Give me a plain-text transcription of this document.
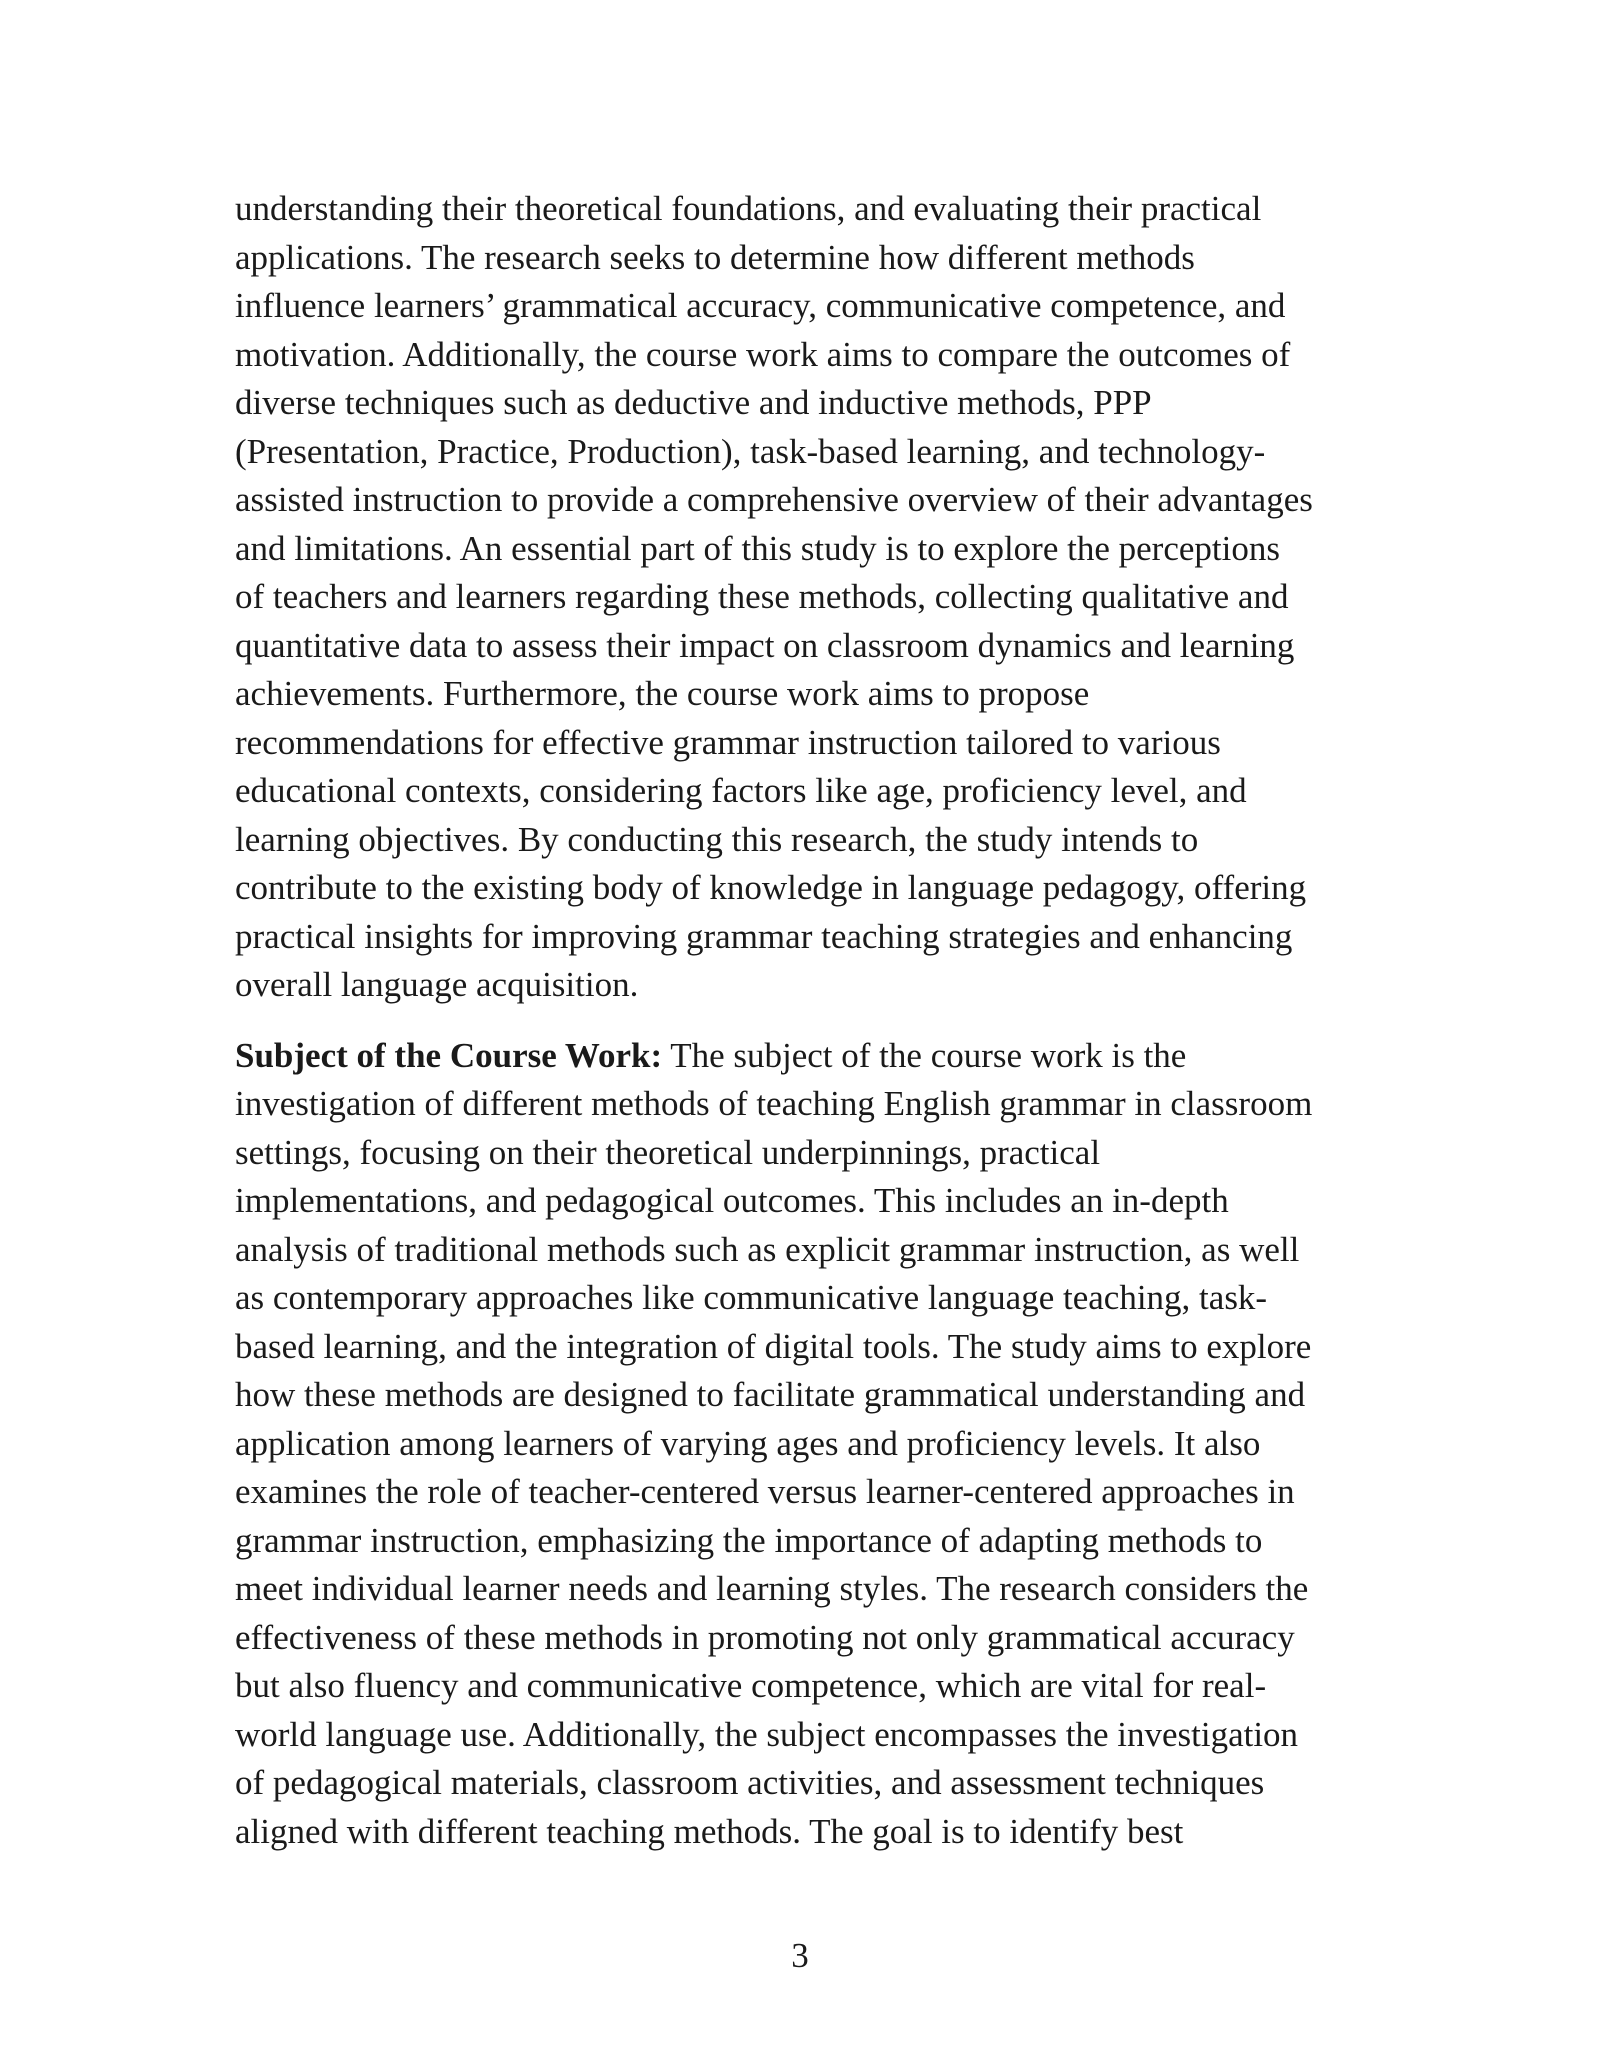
understanding their theoretical foundations, and evaluating their practical
applications. The research seeks to determine how different methods
influence learners’ grammatical accuracy, communicative competence, and
motivation. Additionally, the course work aims to compare the outcomes of
diverse techniques such as deductive and inductive methods, PPP
(Presentation, Practice, Production), task-based learning, and technology-
assisted instruction to provide a comprehensive overview of their advantages
and limitations. An essential part of this study is to explore the perceptions
of teachers and learners regarding these methods, collecting qualitative and
quantitative data to assess their impact on classroom dynamics and learning
achievements. Furthermore, the course work aims to propose
recommendations for effective grammar instruction tailored to various
educational contexts, considering factors like age, proficiency level, and
learning objectives. By conducting this research, the study intends to
contribute to the existing body of knowledge in language pedagogy, offering
practical insights for improving grammar teaching strategies and enhancing
overall language acquisition.
Subject of the Course Work: The subject of the course work is the
investigation of different methods of teaching English grammar in classroom
settings, focusing on their theoretical underpinnings, practical
implementations, and pedagogical outcomes. This includes an in-depth
analysis of traditional methods such as explicit grammar instruction, as well
as contemporary approaches like communicative language teaching, task-
based learning, and the integration of digital tools. The study aims to explore
how these methods are designed to facilitate grammatical understanding and
application among learners of varying ages and proficiency levels. It also
examines the role of teacher-centered versus learner-centered approaches in
grammar instruction, emphasizing the importance of adapting methods to
meet individual learner needs and learning styles. The research considers the
effectiveness of these methods in promoting not only grammatical accuracy
but also fluency and communicative competence, which are vital for real-
world language use. Additionally, the subject encompasses the investigation
of pedagogical materials, classroom activities, and assessment techniques
aligned with different teaching methods. The goal is to identify best
3
